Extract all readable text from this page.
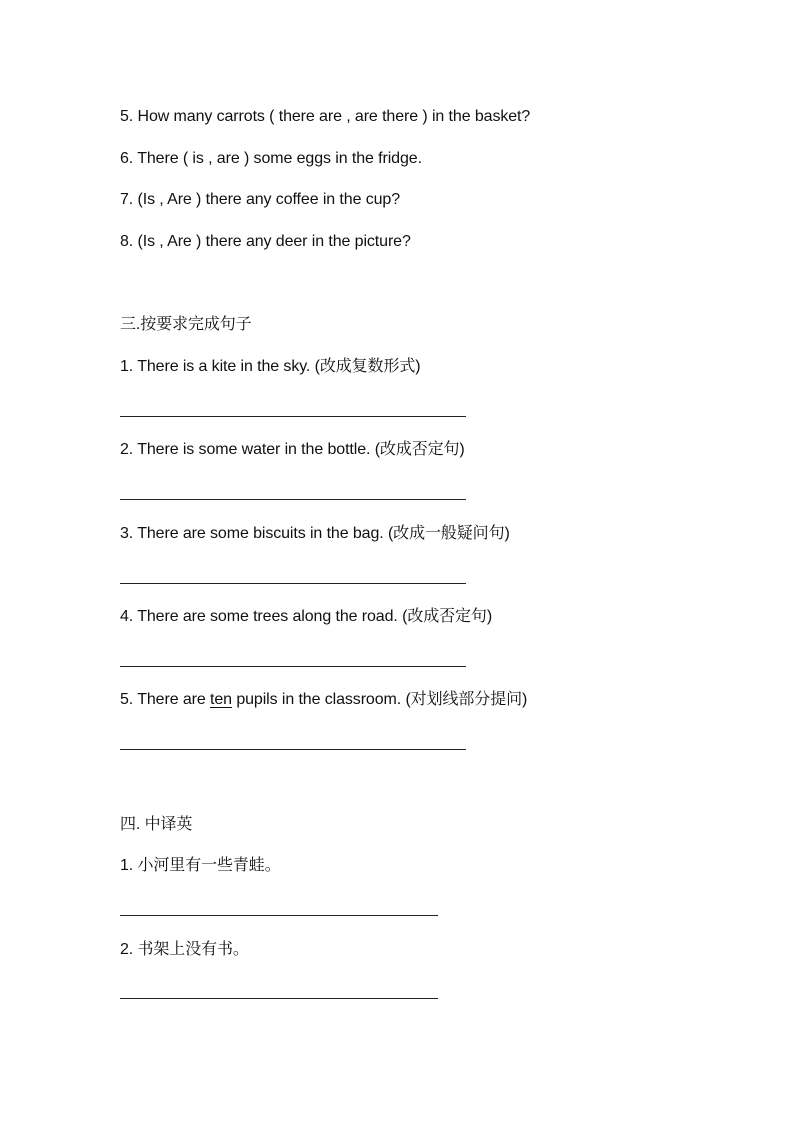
5. How many carrots ( there are , are there ) in the basket?
6. There ( is , are ) some eggs in the fridge.
7. (Is , Are ) there any coffee in the cup?
8. (Is , Are ) there any deer in the picture?
三.按要求完成句子
1. There is a kite in the sky. (改成复数形式)
2. There is some water in the bottle. (改成否定句)
3. There are some biscuits in the bag. (改成一般疑问句)
4. There are some trees along the road. (改成否定句)
5. There are ten pupils in the classroom. (对划线部分提问)
四. 中译英
1. 小河里有一些青蛙。
2. 书架上没有书。
